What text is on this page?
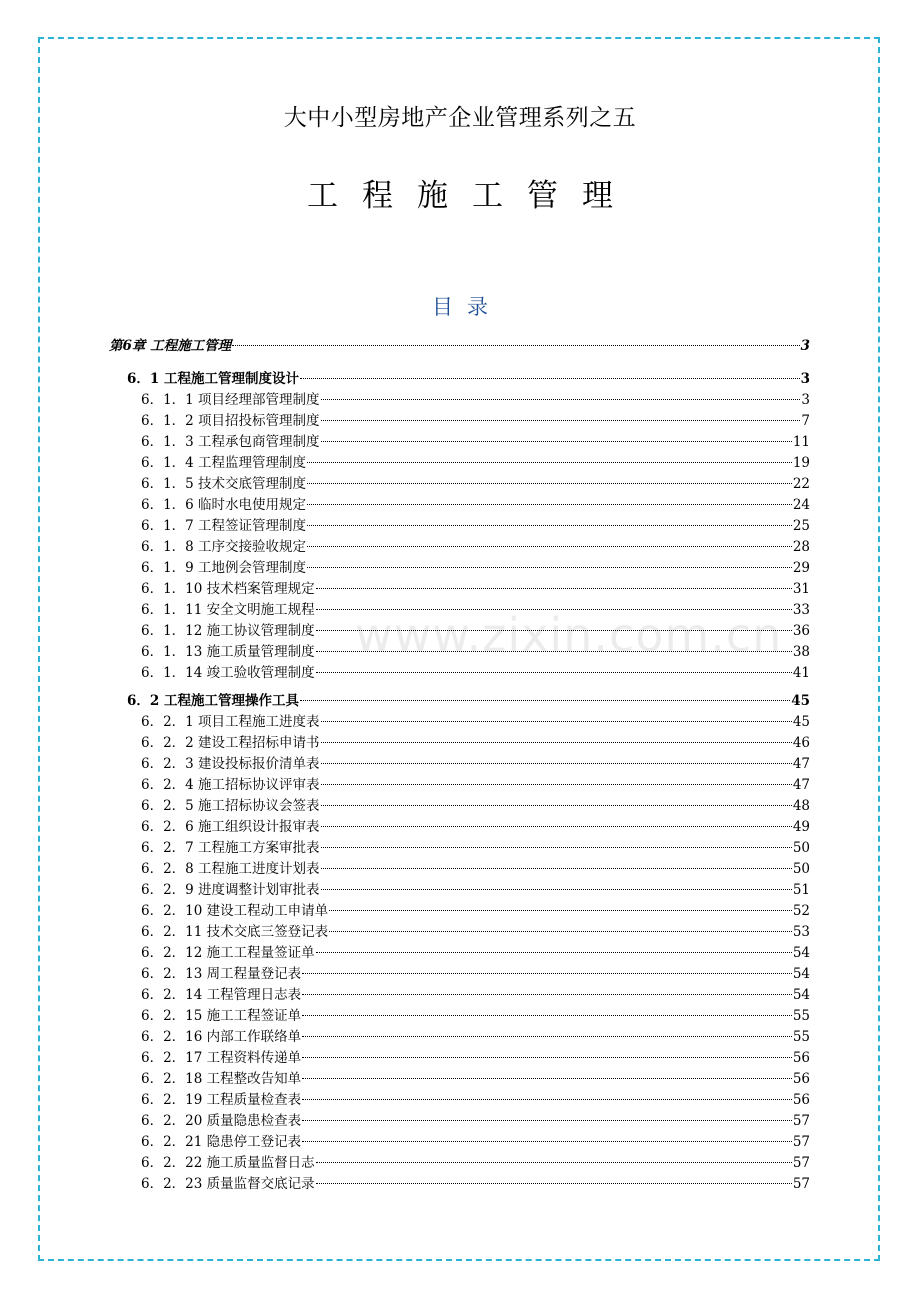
大中小型房地产企业管理系列之五
工程施工管理
目录
www.zixin.com.cn
第6章 工程施工管理	3
6．1 工程施工管理制度设计	3
6．1．1 项目经理部管理制度	3
6．1．2 项目招投标管理制度	7
6．1．3 工程承包商管理制度	11
6．1．4 工程监理管理制度	19
6．1．5 技术交底管理制度	22
6．1．6 临时水电使用规定	24
6．1．7 工程签证管理制度	25
6．1．8 工序交接验收规定	28
6．1．9 工地例会管理制度	29
6．1．10 技术档案管理规定	31
6．1．11 安全文明施工规程	33
6．1．12 施工协议管理制度	36
6．1．13 施工质量管理制度	38
6．1．14 竣工验收管理制度	41
6．2 工程施工管理操作工具	45
6．2．1 项目工程施工进度表	45
6．2．2 建设工程招标申请书	46
6．2．3 建设投标报价清单表	47
6．2．4 施工招标协议评审表	47
6．2．5 施工招标协议会签表	48
6．2．6 施工组织设计报审表	49
6．2．7 工程施工方案审批表	50
6．2．8 工程施工进度计划表	50
6．2．9 进度调整计划审批表	51
6．2．10 建设工程动工申请单	52
6．2．11 技术交底三签登记表	53
6．2．12 施工工程量签证单	54
6．2．13 周工程量登记表	54
6．2．14 工程管理日志表	54
6．2．15 施工工程签证单	55
6．2．16 内部工作联络单	55
6．2．17 工程资料传递单	56
6．2．18 工程整改告知单	56
6．2．19 工程质量检查表	56
6．2．20 质量隐患检查表	57
6．2．21 隐患停工登记表	57
6．2．22 施工质量监督日志	57
6．2．23 质量监督交底记录	57
